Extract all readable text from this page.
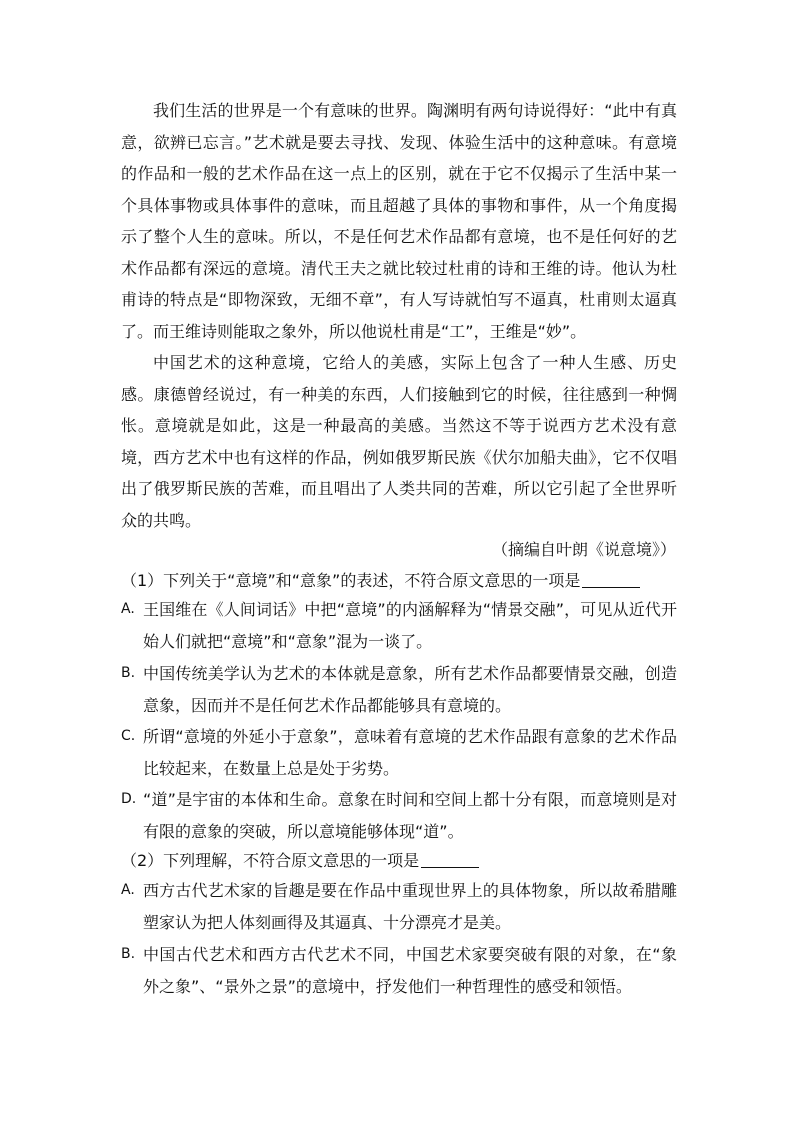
我们生活的世界是一个有意味的世界。陶渊明有两句诗说得好：“此中有真意，欲辨已忘言。”艺术就是要去寻找、发现、体验生活中的这种意味。有意境的作品和一般的艺术作品在这一点上的区别，就在于它不仅揭示了生活中某一个具体事物或具体事件的意味，而且超越了具体的事物和事件，从一个角度揭示了整个人生的意味。所以，不是任何艺术作品都有意境，也不是任何好的艺术作品都有深远的意境。清代王夫之就比较过杜甫的诗和王维的诗。他认为杜甫诗的特点是“即物深致，无细不章”，有人写诗就怕写不逼真，杜甫则太逼真了。而王维诗则能取之象外，所以他说杜甫是“工”，王维是“妙”。

中国艺术的这种意境，它给人的美感，实际上包含了一种人生感、历史感。康德曾经说过，有一种美的东西，人们接触到它的时候，往往感到一种惆怅。意境就是如此，这是一种最高的美感。当然这不等于说西方艺术没有意境，西方艺术中也有这样的作品，例如俄罗斯民族《伏尔加船夫曲》，它不仅唱出了俄罗斯民族的苦难，而且唱出了人类共同的苦难，所以它引起了全世界听众的共鸣。

（摘编自叶朗《说意境》）
（1）下列关于“意境”和“意象”的表述，不符合原文意思的一项是
A. 王国维在《人间词话》中把“意境”的内涵解释为“情景交融”，可见从近代开始人们就把“意境”和“意象”混为一谈了。
B. 中国传统美学认为艺术的本体就是意象，所有艺术作品都要情景交融，创造意象，因而并不是任何艺术作品都能够具有意境的。
C. 所谓“意境的外延小于意象”，意味着有意境的艺术作品跟有意象的艺术作品比较起来，在数量上总是处于劣势。
D. “道”是宇宙的本体和生命。意象在时间和空间上都十分有限，而意境则是对有限的意象的突破，所以意境能够体现“道”。
（2）下列理解，不符合原文意思的一项是
A. 西方古代艺术家的旨趣是要在作品中重现世界上的具体物象，所以故希腊雕塑家认为把人体刻画得及其逼真、十分漂亮才是美。
B. 中国古代艺术和西方古代艺术不同，中国艺术家要突破有限的对象，在“象外之象”、“景外之景”的意境中，抒发他们一种哲理性的感受和领悟。
